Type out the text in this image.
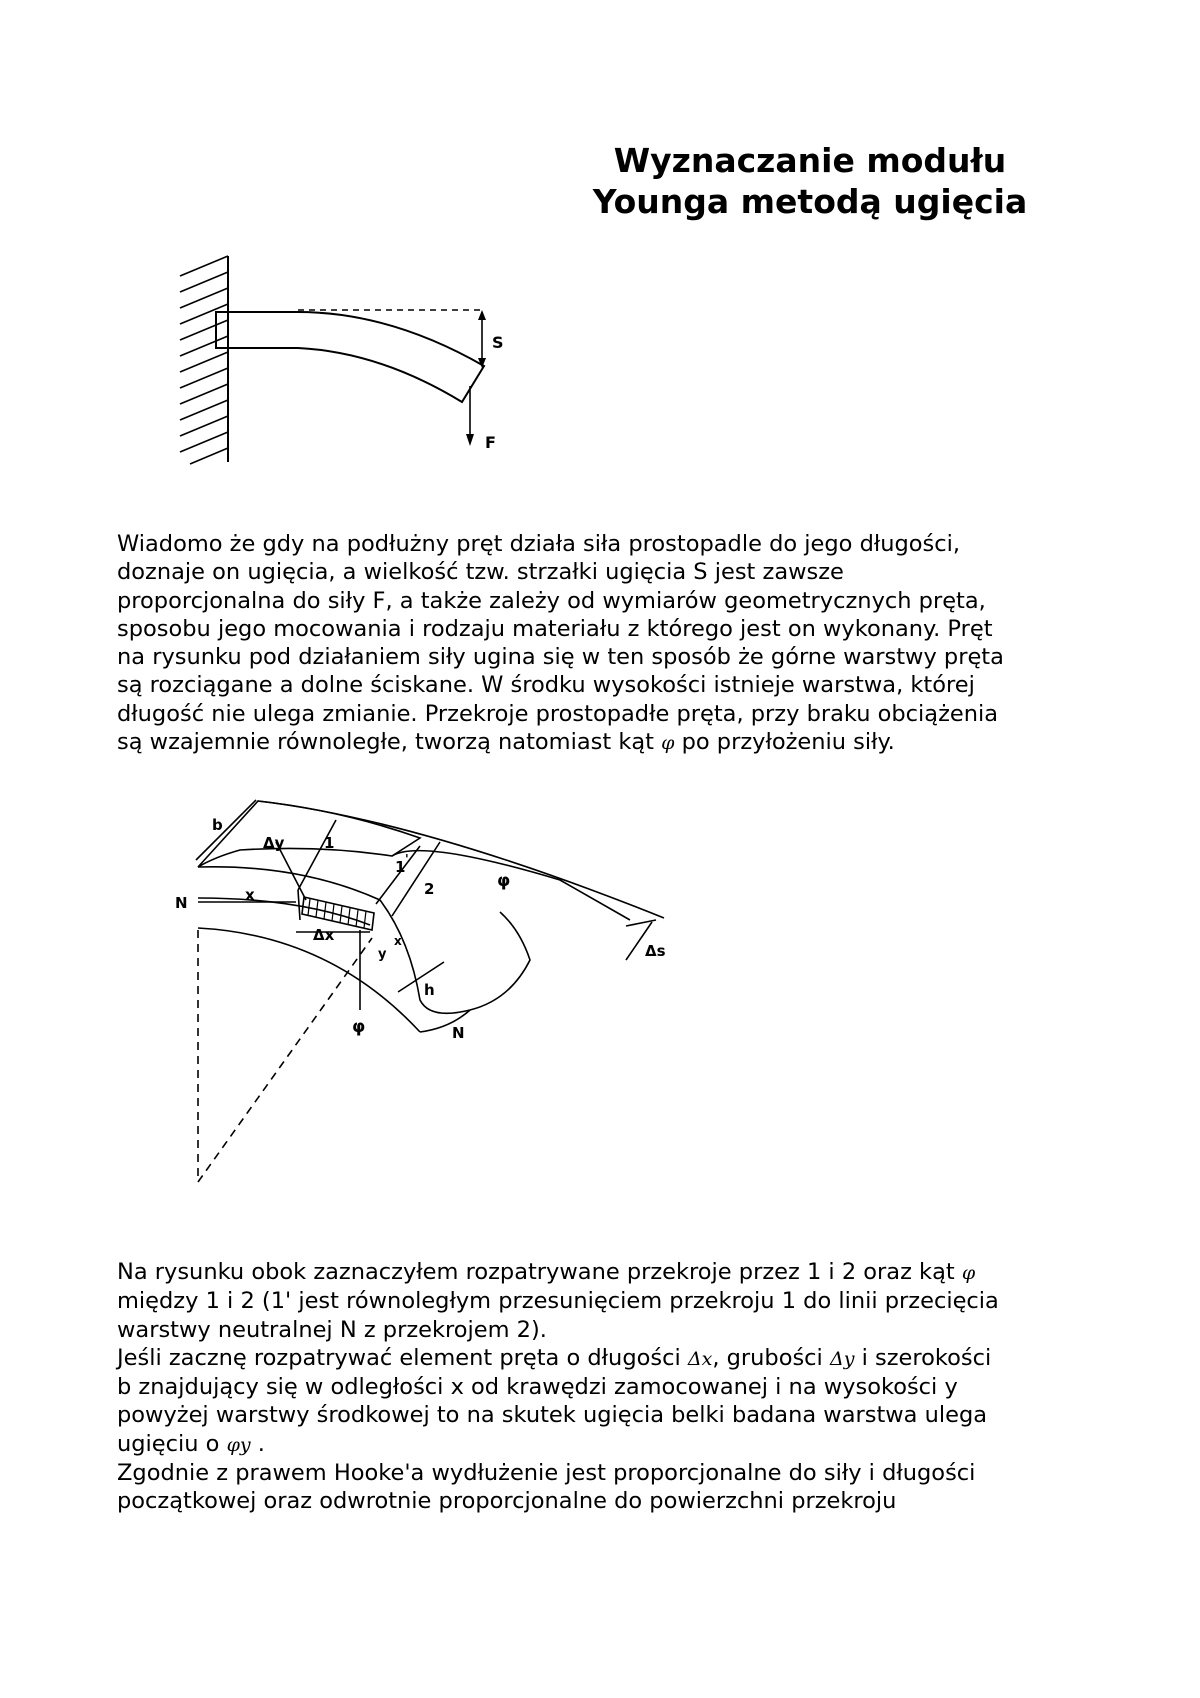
Wyznaczanie modułu
Younga metodą ugięcia
S
F
b
Δy	1
1 '
2	φ
Δs
N	x
Δx	x
y
h
φ	N
Wiadomo że gdy na podłużny pręt działa siła prostopadle do jego długości,
doznaje on ugięcia, a wielkość tzw. strzałki ugięcia S jest zawsze
proporcjonalna do siły F, a także zależy od wymiarów geometrycznych pręta,
sposobu jego mocowania i rodzaju materiału z którego jest on wykonany. Pręt
na rysunku pod działaniem siły ugina się w ten sposób że górne warstwy pręta
są rozciągane a dolne ściskane. W środku wysokości istnieje warstwa, której
długość nie ulega zmianie. Przekroje prostopadłe pręta, przy braku obciążenia
są wzajemnie równoległe, tworzą natomiast kąt φ po przyłożeniu siły.
Na rysunku obok zaznaczyłem rozpatrywane przekroje przez 1 i 2 oraz kąt φ
między 1 i 2 (1' jest równoległym przesunięciem przekroju 1 do linii przecięcia
warstwy neutralnej N z przekrojem 2).
Jeśli zacznę rozpatrywać element pręta o długości Δx, grubości Δy i szerokości
b znajdujący się w odległości x od krawędzi zamocowanej i na wysokości y
powyżej warstwy środkowej to na skutek ugięcia belki badana warstwa ulega
ugięciu o φy .
Zgodnie z prawem Hooke'a wydłużenie jest proporcjonalne do siły i długości
początkowej oraz odwrotnie proporcjonalne do powierzchni przekroju
